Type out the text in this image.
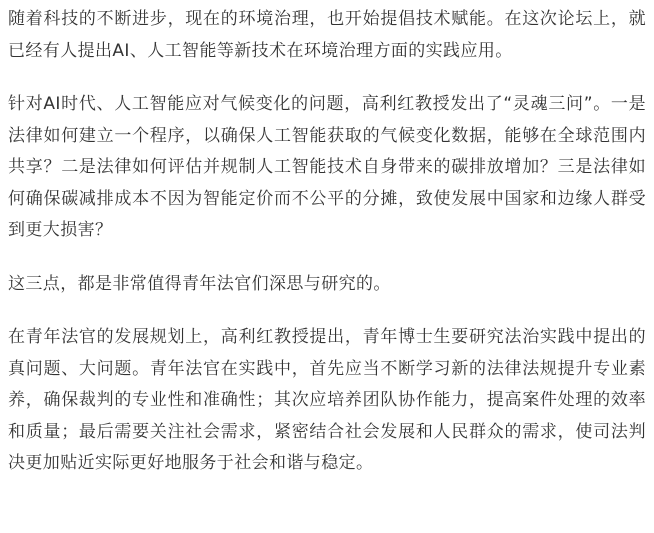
随着科技的不断进步，现在的环境治理，也开始提倡技术赋能。在这次论坛上，就已经有人提出AI、人工智能等新技术在环境治理方面的实践应用。

针对AI时代、人工智能应对气候变化的问题，高利红教授发出了“灵魂三问”。一是法律如何建立一个程序，以确保人工智能获取的气候变化数据，能够在全球范围内共享？二是法律如何评估并规制人工智能技术自身带来的碳排放增加？三是法律如何确保碳减排成本不因为智能定价而不公平的分摊，致使发展中国家和边缘人群受到更大损害？

这三点，都是非常值得青年法官们深思与研究的。

在青年法官的发展规划上，高利红教授提出，青年博士生要研究法治实践中提出的真问题、大问题。青年法官在实践中，首先应当不断学习新的法律法规提升专业素养，确保裁判的专业性和准确性；其次应培养团队协作能力，提高案件处理的效率和质量；最后需要关注社会需求，紧密结合社会发展和人民群众的需求，使司法判决更加贴近实际更好地服务于社会和谐与稳定。
